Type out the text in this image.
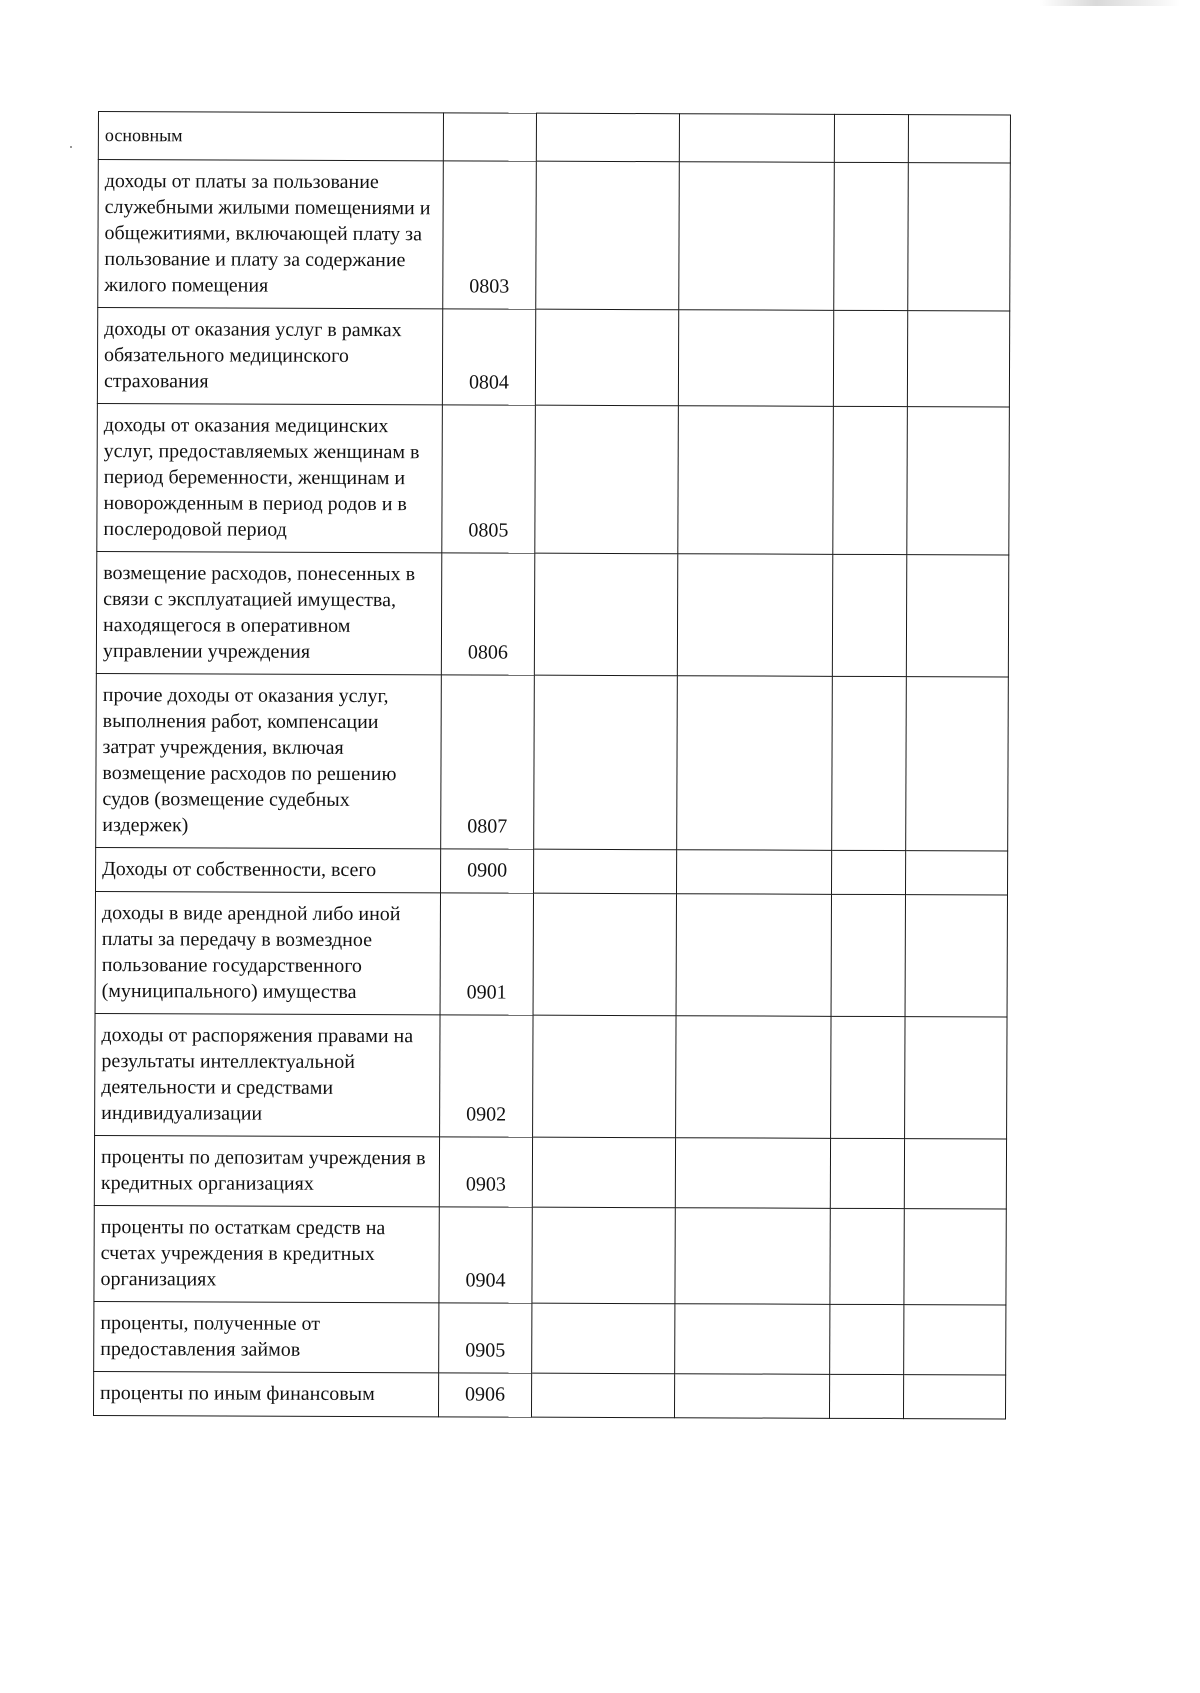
основным					
доходы от платы за пользование служебными жилыми помещениями и общежитиями, включающей плату за пользование и плату за содержание жилого помещения	0803				
доходы от оказания услуг в рамках обязательного медицинского страхования	0804				
доходы от оказания медицинских услуг, предоставляемых женщинам в период беременности, женщинам и новорожденным в период родов и в послеродовой период	0805				
возмещение расходов, понесенных в связи с эксплуатацией имущества, находящегося в оперативном управлении учреждения	0806				
прочие доходы от оказания услуг, выполнения работ, компенсации затрат учреждения, включая возмещение расходов по решению судов (возмещение судебных издержек)	0807				
Доходы от собственности, всего	0900				
доходы в виде арендной либо иной платы за передачу в возмездное пользование государственного (муниципального) имущества	0901				
доходы от распоряжения правами на результаты интеллектуальной деятельности и средствами индивидуализации	0902				
проценты по депозитам учреждения в кредитных организациях	0903				
проценты по остаткам средств на счетах учреждения в кредитных организациях	0904				
проценты, полученные от предоставления займов	0905				
проценты по иным финансовым	0906				
